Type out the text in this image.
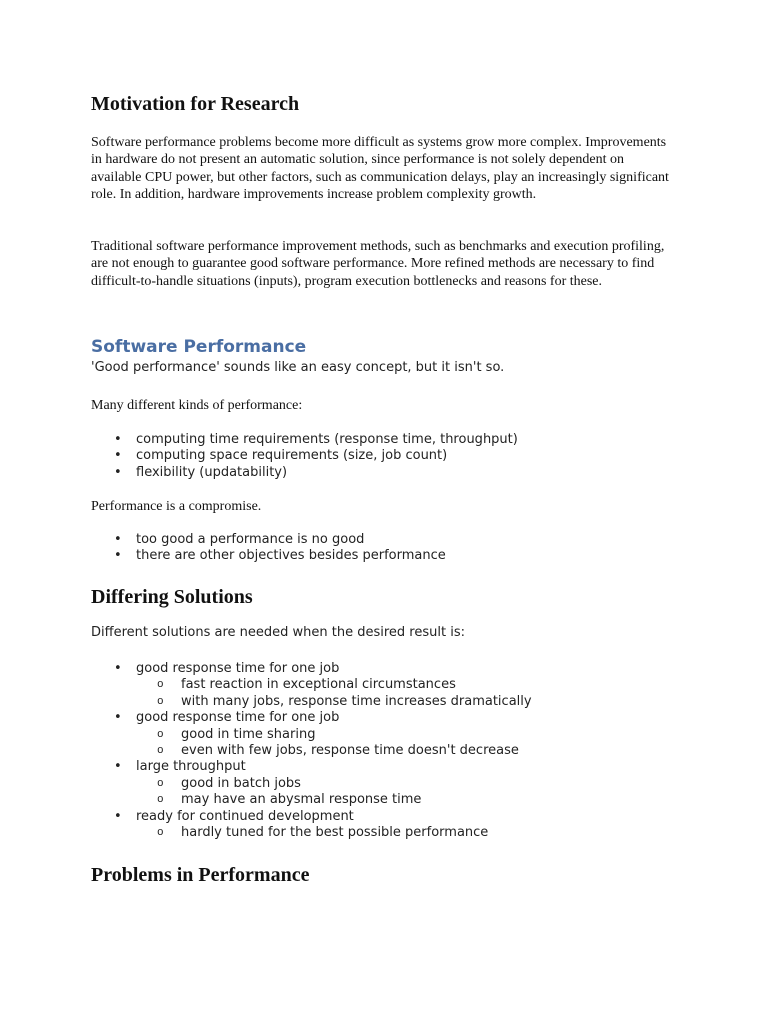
Motivation for Research

Software performance problems become more difficult as systems grow more complex. Improvements in hardware do not present an automatic solution, since performance is not solely dependent on available CPU power, but other factors, such as communication delays, play an increasingly significant role. In addition, hardware improvements increase problem complexity growth.

Traditional software performance improvement methods, such as benchmarks and execution profiling, are not enough to guarantee good software performance. More refined methods are necessary to find difficult-to-handle situations (inputs), program execution bottlenecks and reasons for these.

Software Performance

'Good performance' sounds like an easy concept, but it isn't so.

Many different kinds of performance:

• computing time requirements (response time, throughput)
• computing space requirements (size, job count)
• flexibility (updatability)

Performance is a compromise.

• too good a performance is no good
• there are other objectives besides performance
Differing Solutions

Different solutions are needed when the desired result is:

• good response time for one job
o fast reaction in exceptional circumstances
o with many jobs, response time increases dramatically
• good response time for one job
o good in time sharing
o even with few jobs, response time doesn't decrease
• large throughput
o good in batch jobs
o may have an abysmal response time
• ready for continued development
o hardly tuned for the best possible performance
Problems in Performance
